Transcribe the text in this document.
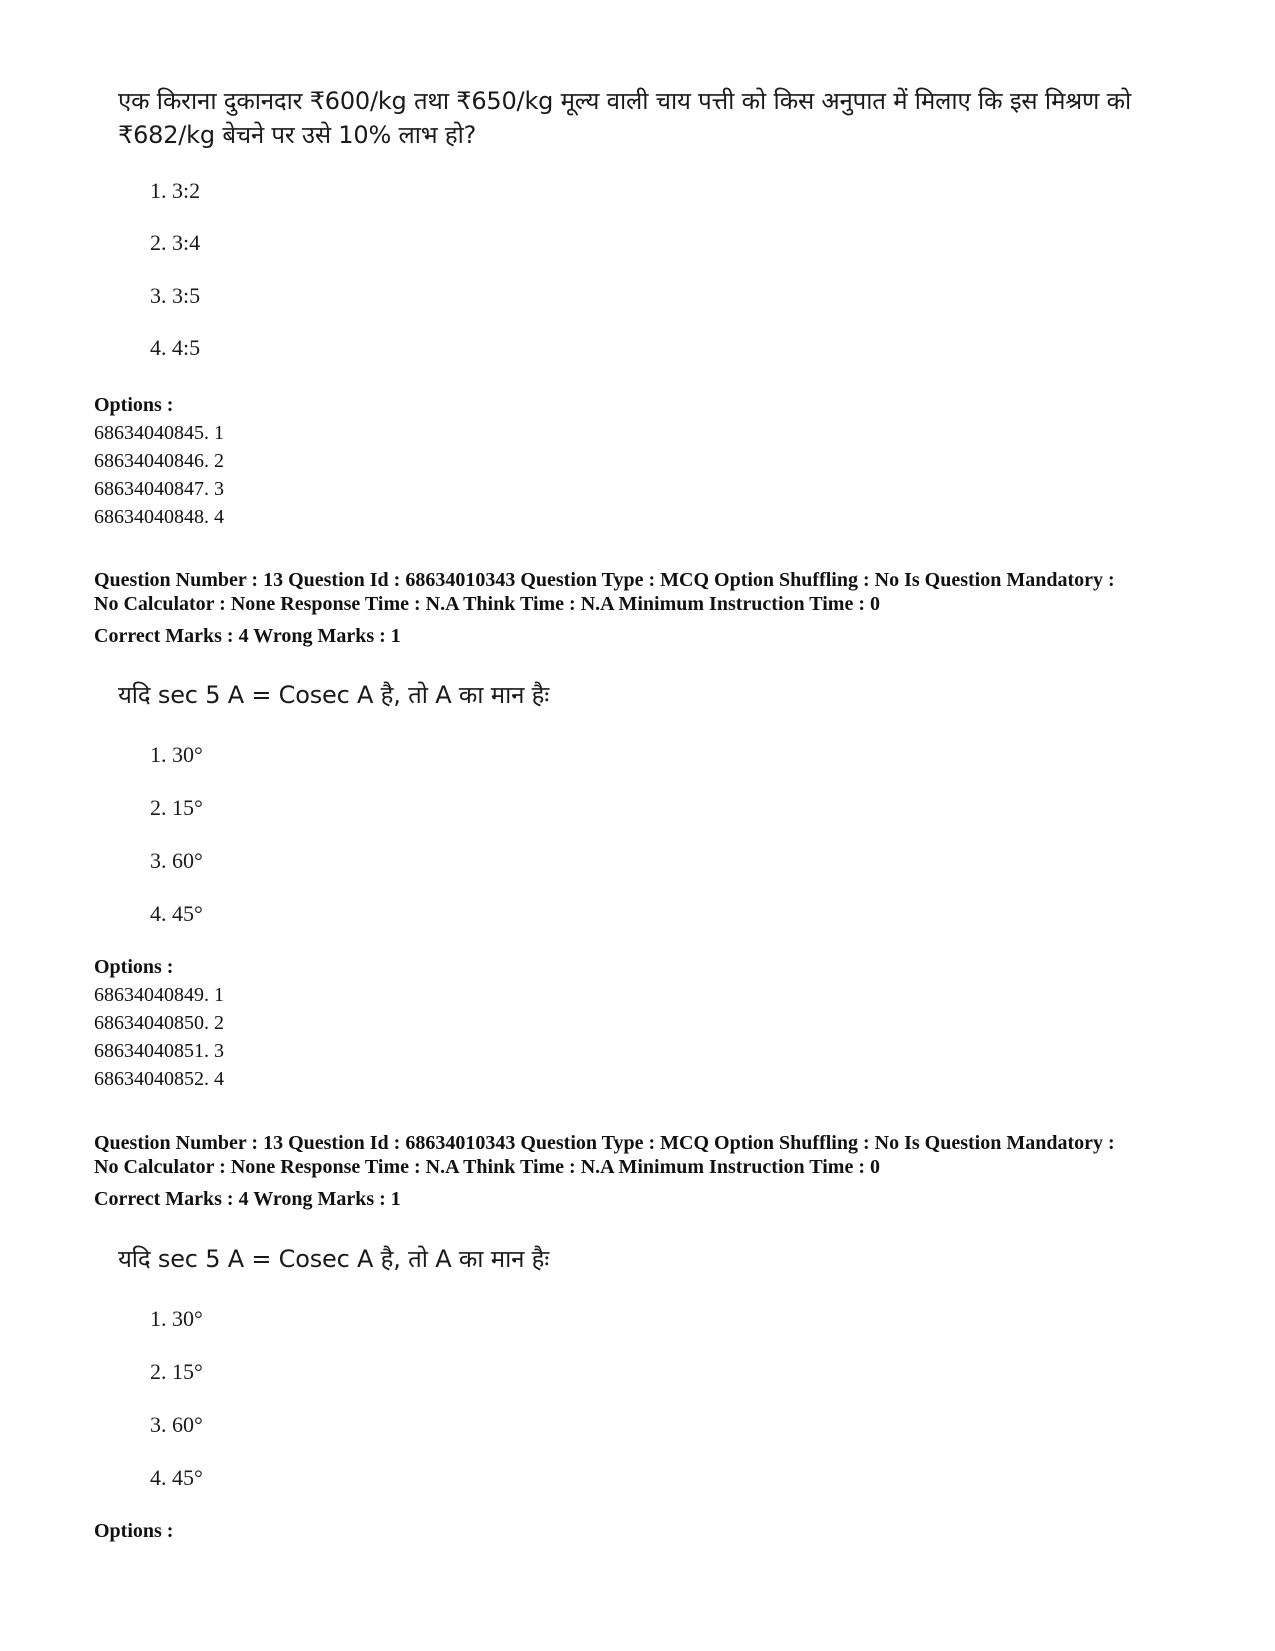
एक किराना दुकानदार ₹600/kg तथा ₹650/kg मूल्य वाली चाय पत्ती को किस अनुपात में मिलाए कि इस मिश्रण को
₹682/kg बेचने पर उसे 10% लाभ हो?
1. 3:2
2. 3:4
3. 3:5
4. 4:5
Options :
68634040845. 1
68634040846. 2
68634040847. 3
68634040848. 4
Question Number : 13 Question Id : 68634010343 Question Type : MCQ Option Shuffling : No Is Question Mandatory :
No Calculator : None Response Time : N.A Think Time : N.A Minimum Instruction Time : 0
Correct Marks : 4 Wrong Marks : 1
यदि sec 5 A = Cosec A है, तो A का मान हैः
1. 30°
2. 15°
3. 60°
4. 45°
Options :
68634040849. 1
68634040850. 2
68634040851. 3
68634040852. 4
Question Number : 13 Question Id : 68634010343 Question Type : MCQ Option Shuffling : No Is Question Mandatory :
No Calculator : None Response Time : N.A Think Time : N.A Minimum Instruction Time : 0
Correct Marks : 4 Wrong Marks : 1
यदि sec 5 A = Cosec A है, तो A का मान हैः
1. 30°
2. 15°
3. 60°
4. 45°
Options :
